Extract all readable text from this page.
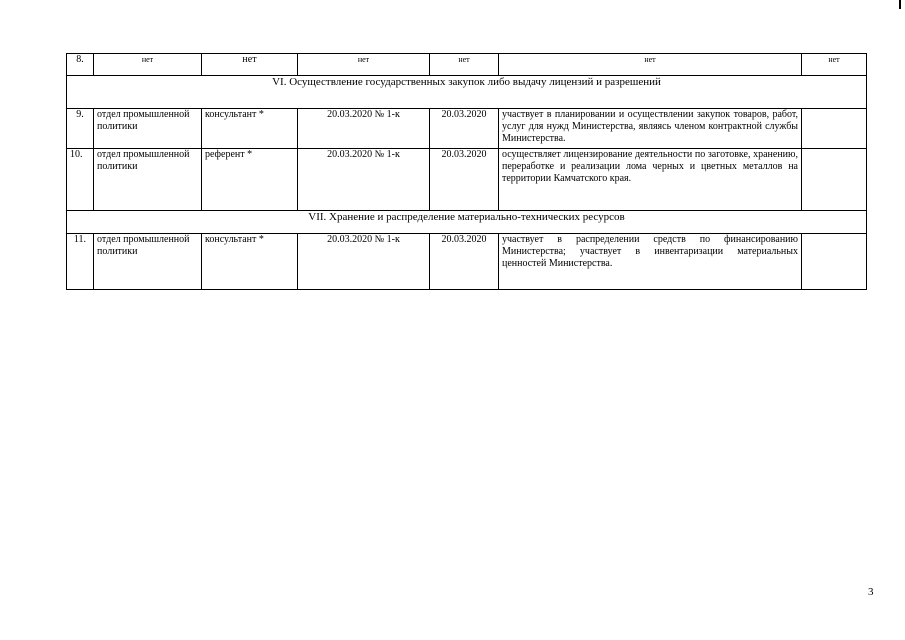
8.	нет	нет	нет	нет	нет	нет
VI. Осуществление государственных закупок либо выдачу лицензий и разрешений						
9.	отдел промышленной политики	консультант *	20.03.2020 № 1-к	20.03.2020	участвует в планировании и осуществлении закупок товаров, работ, услуг для нужд Министерства, являясь членом контрактной службы Министерства.	
10.	отдел промышленной политики	референт *	20.03.2020 № 1-к	20.03.2020	осуществляет лицензирование деятельности по заготовке, хранению, переработке и реализации лома черных и цветных металлов на территории Камчатского края.	
VII. Хранение и распределение материально-технических ресурсов						
11.	отдел промышленной политики	консультант *	20.03.2020 № 1-к	20.03.2020	участвует в распределении средств по финансированию Министерства; участвует в инвентаризации материальных ценностей Министерства.	
3
